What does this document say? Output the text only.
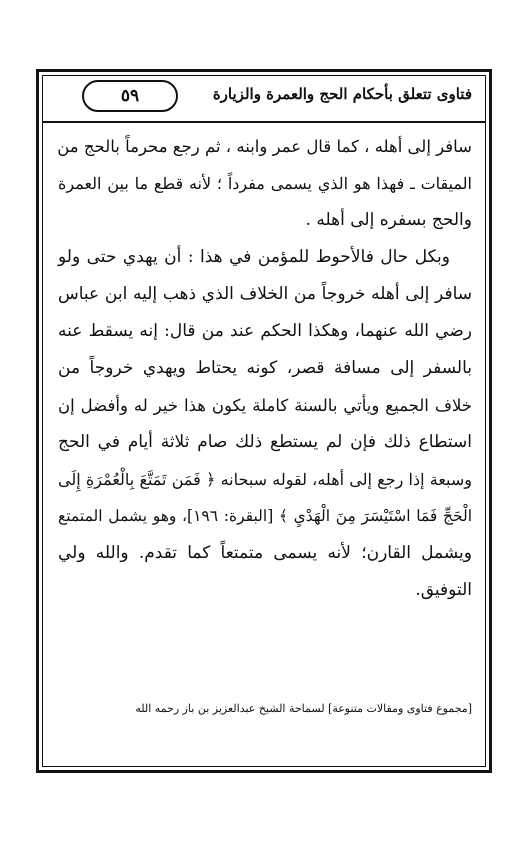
فتاوى تتعلق بأحكام الحج والعمرة والزيارة
٥٩
سافر إلى أهله ، كما قال عمر وابنه ، ثم رجع محرماً بالحج من
الميقات ـ فهذا هو الذي يسمى مفرداً ؛ لأنه قطع ما بين العمرة
والحج بسفره إلى أهله .
وبكل حال فالأحوط للمؤمن في هذا : أن يهدي حتى ولو
سافر إلى أهله خروجاً من الخلاف الذي ذهب إليه ابن عباس
رضي الله عنهما، وهكذا الحكم عند من قال: إنه يسقط عنه
بالسفر إلى مسافة قصر، كونه يحتاط ويهدي خروجاً من
خلاف الجميع ويأتي بالسنة كاملة يكون هذا خير له وأفضل إن
استطاع ذلك فإن لم يستطع ذلك صام ثلاثة أيام في الحج
وسبعة إذا رجع إلى أهله، لقوله سبحانه ﴿ فَمَن تَمَتَّعَ بِالْعُمْرَةِ إِلَى
الْحَجِّ فَمَا اسْتَيْسَرَ مِنَ الْهَدْيِ ﴾ [البقرة: ١٩٦]، وهو يشمل المتمتع
ويشمل القارن؛ لأنه يسمى متمتعاً كما تقدم. والله ولي
التوفيق.
[مجموع فتاوى ومقالات متنوعة] لسماحة الشيخ عبدالعزيز بن باز رحمه الله
